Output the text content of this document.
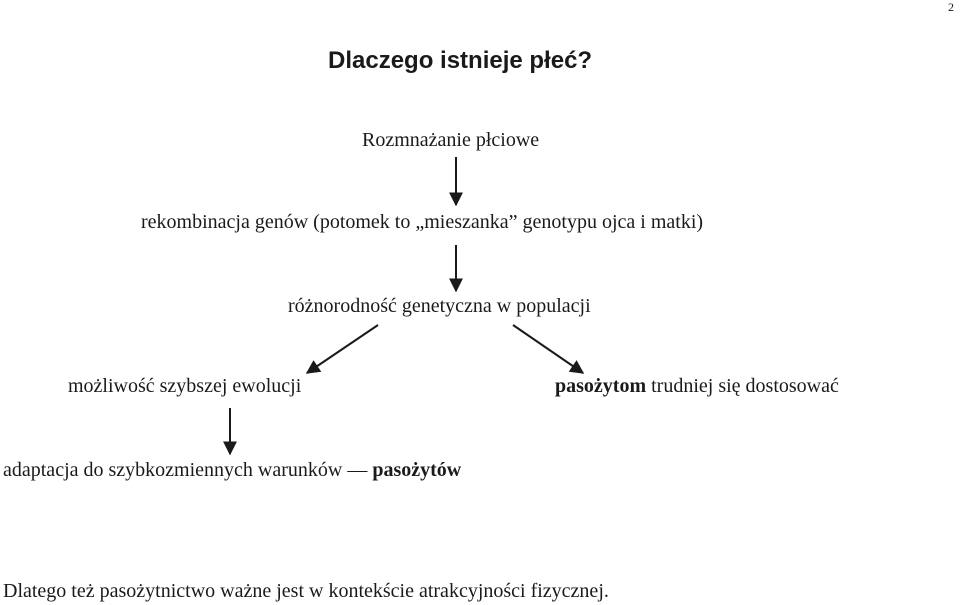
2
Dlaczego istnieje płeć?
Rozmnażanie płciowe
rekombinacja genów (potomek to „mieszanka” genotypu ojca i matki)
różnorodność genetyczna w populacji
możliwość szybszej ewolucji	pasożytom trudniej się dostosować
adaptacja do szybkozmiennych warunków — pasożytów
Dlatego też pasożytnictwo ważne jest w kontekście atrakcyjności fizycznej.
